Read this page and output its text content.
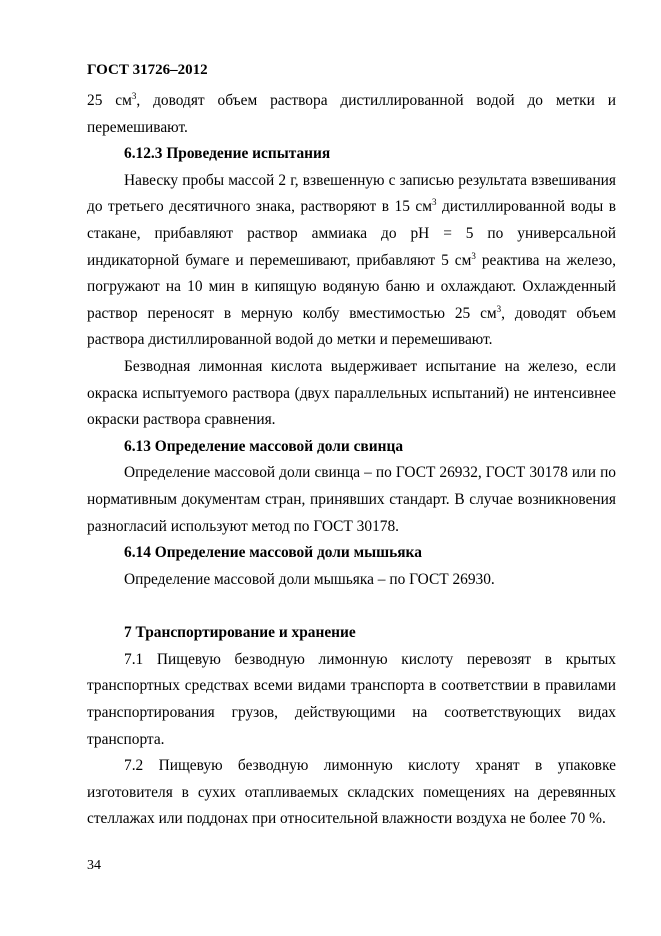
ГОСТ 31726–2012

25 $см^3$, доводят объем раствора дистиллированной водой до метки и перемешивают.

6.12.3 Проведение испытания

Навеску пробы массой 2 г, взвешенную с записью результата взвешивания до третьего десятичного знака, растворяют в 15 $см^3$ дистиллированной воды в стакане, прибавляют раствор аммиака до рН = 5 по универсальной индикаторной бумаге и перемешивают, прибавляют 5 $см^3$ реактива на железо, погружают на 10 мин в кипящую водяную баню и охлаждают. Охлажденный раствор переносят в мерную колбу вместимостью 25 $см^3$, доводят объем раствора дистиллированной водой до метки и перемешивают.

Безводная лимонная кислота выдерживает испытание на железо, если окраска испытуемого раствора (двух параллельных испытаний) не интенсивнее окраски раствора сравнения.

6.13 Определение массовой доли свинца

Определение массовой доли свинца – по ГОСТ 26932, ГОСТ 30178 или по нормативным документам стран, принявших стандарт. В случае возникновения разногласий используют метод по ГОСТ 30178.

6.14 Определение массовой доли мышьяка

Определение массовой доли мышьяка – по ГОСТ 26930.

7 Транспортирование и хранение

7.1 Пищевую безводную лимонную кислоту перевозят в крытых транспортных средствах всеми видами транспорта в соответствии в правилами транспортирования грузов, действующими на соответствующих видах транспорта.

7.2 Пищевую безводную лимонную кислоту хранят в упаковке изготовителя в сухих отапливаемых складских помещениях на деревянных стеллажах или поддонах при относительной влажности воздуха не более 70 %.

34
